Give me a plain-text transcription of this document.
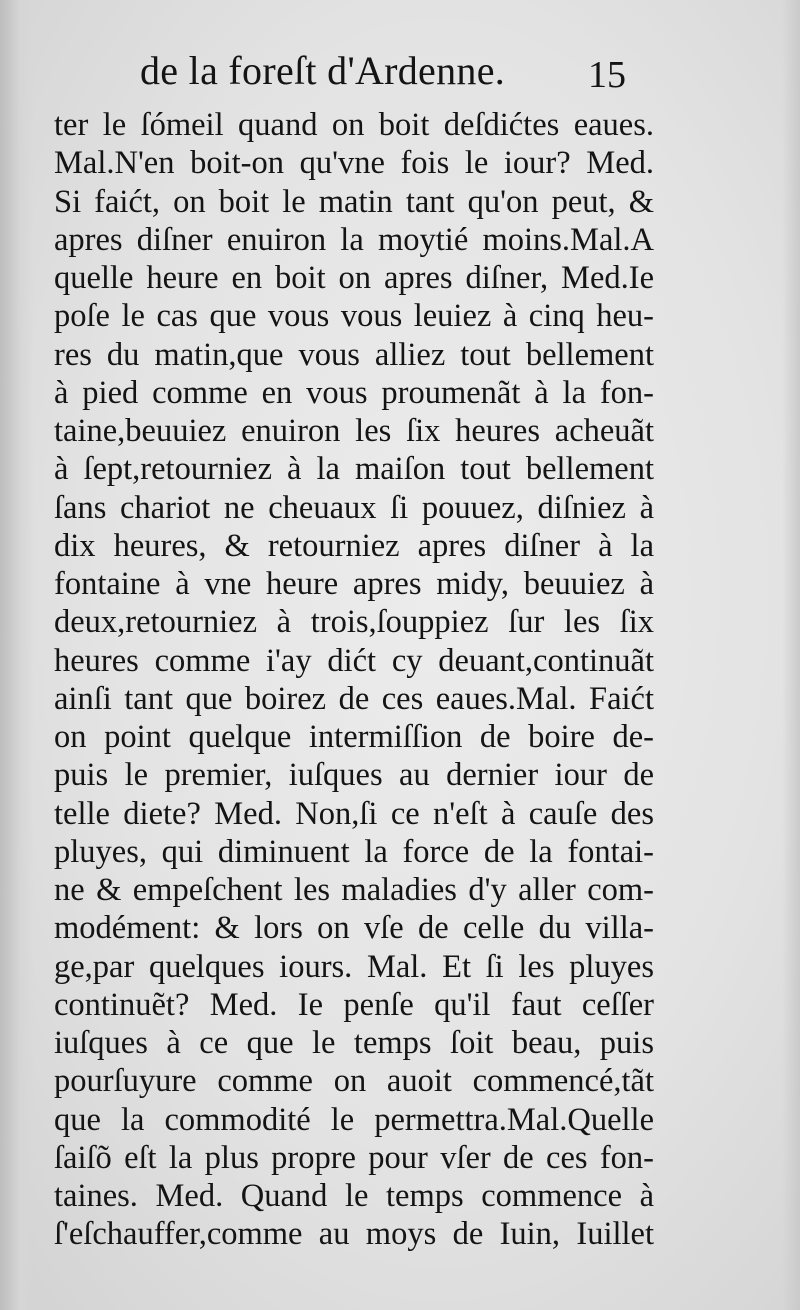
de la foreſt d'Ardenne. 15
ter le ſómeil quand on boit deſdićtes eaues.
Mal.N'en boit-on qu'vne fois le iour? Med.
Si faićt, on boit le matin tant qu'on peut, &
apres diſner enuiron la moytié moins.Mal.A
quelle heure en boit on apres diſner, Med.Ie
poſe le cas que vous vous leuiez à cinq heu-
res du matin,que vous alliez tout bellement
à pied comme en vous proumenãt à la fon-
taine,beuuiez enuiron les ſix heures acheuãt
à ſept,retourniez à la maiſon tout bellement
ſans chariot ne cheuaux ſi pouuez, diſniez à
dix heures, & retourniez apres diſner à la
fontaine à vne heure apres midy, beuuiez à
deux,retourniez à trois,ſouppiez ſur les ſix
heures comme i'ay dićt cy deuant,continuãt
ainſi tant que boirez de ces eaues.Mal. Faićt
on point quelque intermiſſion de boire de-
puis le premier, iuſques au dernier iour de
telle diete? Med. Non,ſi ce n'eſt à cauſe des
pluyes, qui diminuent la force de la fontai-
ne & empeſchent les maladies d'y aller com-
modément: & lors on vſe de celle du villa-
ge,par quelques iours. Mal. Et ſi les pluyes
continuẽt? Med. Ie penſe qu'il faut ceſſer
iuſques à ce que le temps ſoit beau, puis
pourſuyure comme on auoit commencé,tãt
que la commodité le permettra.Mal.Quelle
ſaiſõ eſt la plus propre pour vſer de ces fon-
taines. Med. Quand le temps commence à
ſ'eſchauffer,comme au moys de Iuin, Iuillet
